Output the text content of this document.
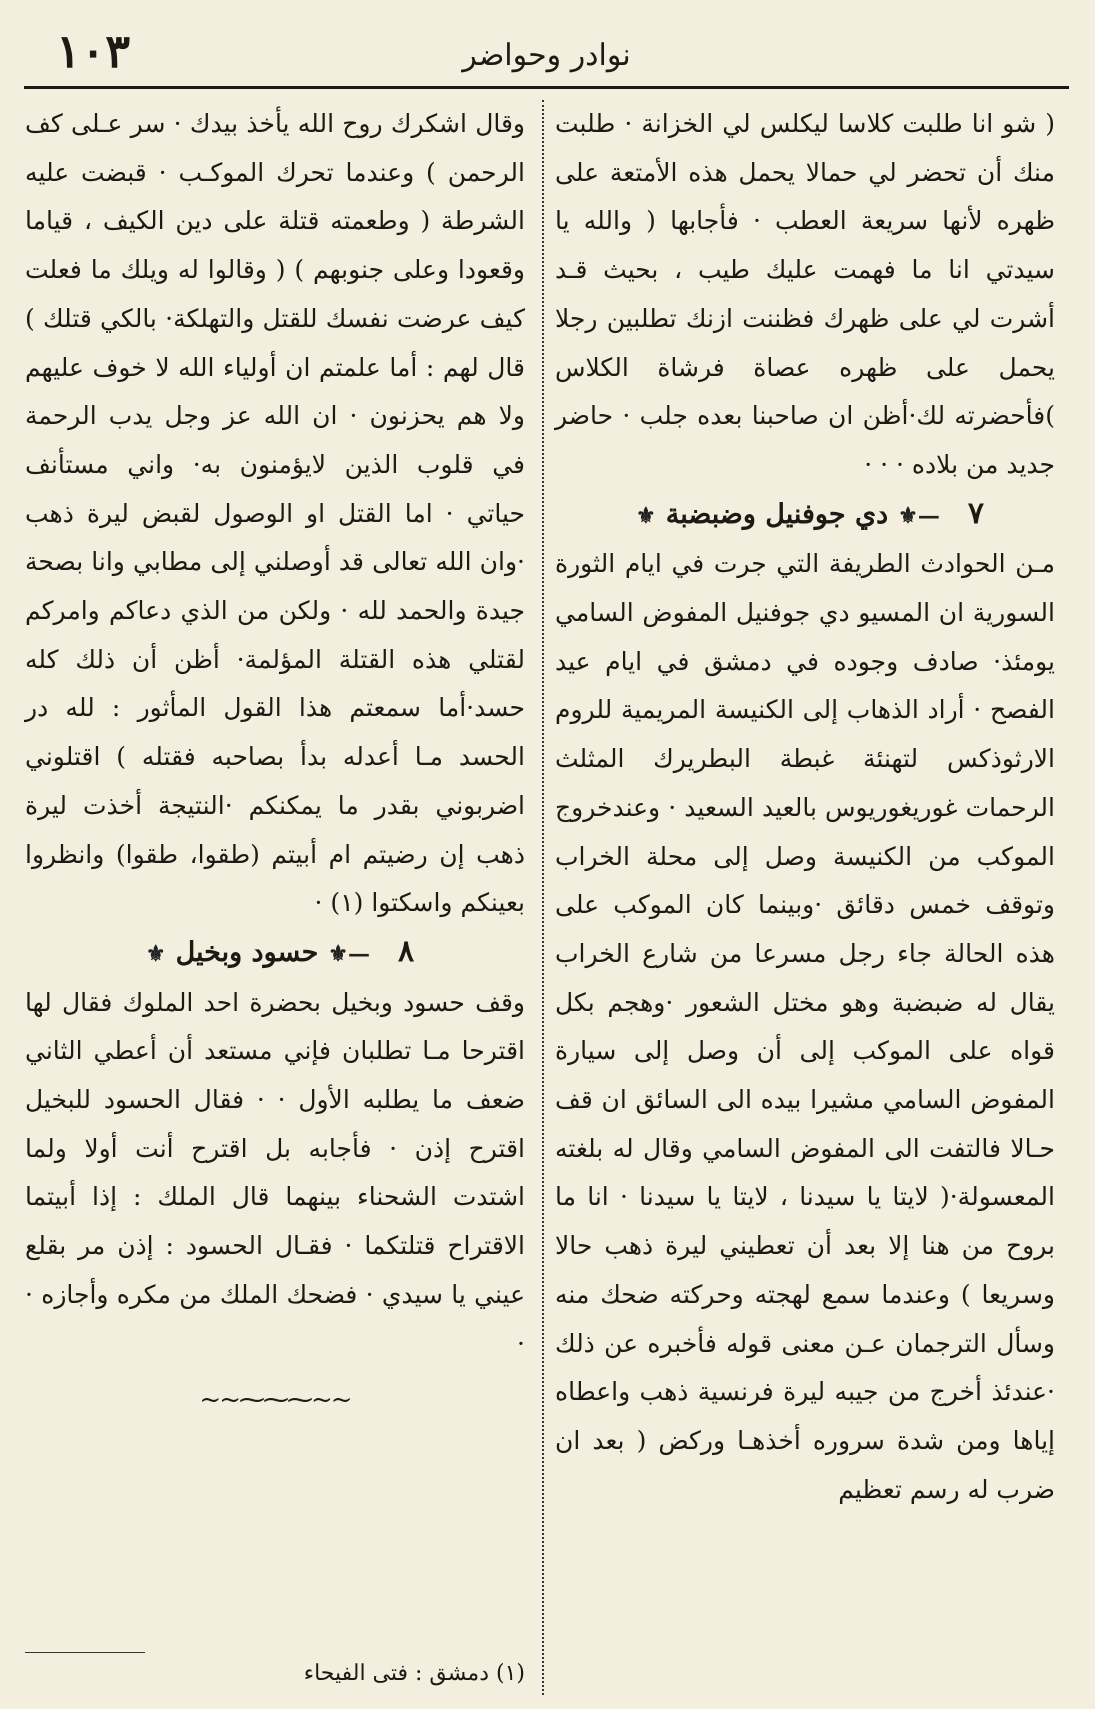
١٠٣	نوادر وحواضر

( شو انا طلبت كلاسا ليكلس لي الخزانة · طلبت منك أن تحضر لي حمالا يحمل هذه الأمتعة على ظهره لأنها سريعة العطب · فأجابها ( والله يا سيدتي انا ما فهمت عليك طيب ، بحيث قـد أشرت لي على ظهرك فظننت ازنك تطلبين رجلا يحمل على ظهره عصاة فرشاة الكلاس )فأحضرته لك·أظن ان صاحبنا بعده جلب · حاضر جديد من بلاده · · ·

٧—⚜دي جوفنيل وضبضبة⚜

مـن الحوادث الطريفة التي جرت في ايام الثورة السورية ان المسيو دي جوفنيل المفوض السامي يومئذ· صادف وجوده في دمشق في ايام عيد الفصح · أراد الذهاب إلى الكنيسة المريمية للروم الارثوذكس لتهنئة غبطة البطريرك المثلث الرحمات غوريغوريوس بالعيد السعيد · وعندخروج الموكب من الكنيسة وصل إلى محلة الخراب وتوقف خمس دقائق ·وبينما كان الموكب على هذه الحالة جاء رجل مسرعا من شارع الخراب يقال له ضبضبة وهو مختل الشعور ·وهجم بكل قواه على الموكب إلى أن وصل إلى سيارة المفوض السامي مشيرا بيده الى السائق ان قف حـالا فالتفت الى المفوض السامي وقال له بلغته المعسولة·( لايتا يا سيدنا ، لايتا يا سيدنا · انا ما بروح من هنا إلا بعد أن تعطيني ليرة ذهب حالا وسريعا ) وعندما سمع لهجته وحركته ضحك منه وسأل الترجمان عـن معنى قوله فأخبره عن ذلك ·عندئذ أخرج من جيبه ليرة فرنسية ذهب واعطاه إياها ومن شدة سروره أخذهـا وركض ( بعد ان ضرب له رسم تعظيم

وقال اشكرك روح الله يأخذ بيدك · سر عـلى كف الرحمن ) وعندما تحرك الموكـب · قبضت عليه الشرطة ( وطعمته قتلة على دين الكيف ، قياما وقعودا وعلى جنوبهم ) ( وقالوا له ويلك ما فعلت كيف عرضت نفسك للقتل والتهلكة· بالكي قتلك ) قال لهم : أما علمتم ان أولياء الله لا خوف عليهم ولا هم يحزنون · ان الله عز وجل يدب الرحمة في قلوب الذين لايؤمنون به· واني مستأنف حياتي · اما القتل او الوصول لقبض ليرة ذهب ·وان الله تعالى قد أوصلني إلى مطابي وانا بصحة جيدة والحمد لله · ولكن من الذي دعاكم وامركم لقتلي هذه القتلة المؤلمة· أظن أن ذلك كله حسد·أما سمعتم هذا القول المأثور : لله در الحسد مـا أعدله بدأ بصاحبه فقتله ) اقتلوني اضربوني بقدر ما يمكنكم ·النتيجة أخذت ليرة ذهب إن رضيتم ام أبيتم (طقوا، طقوا) وانظروا بعينكم واسكتوا (١) ·

٨—⚜حسود وبخيل⚜

وقف حسود وبخيل بحضرة احد الملوك فقال لها اقترحا مـا تطلبان فإني مستعد أن أعطي الثاني ضعف ما يطلبه الأول · · فقال الحسود للبخيل اقترح إذن · فأجابه بل اقترح أنت أولا ولما اشتدت الشحناء بينهما قال الملك : إذا أبيتما الاقتراح قتلتكما · فقـال الحسود : إذن مر بقلع عيني يا سيدي · فضحك الملك من مكره وأجازه · ·

~~⁓⁓⁓~~
(١) دمشق : فتى الفيحاء
